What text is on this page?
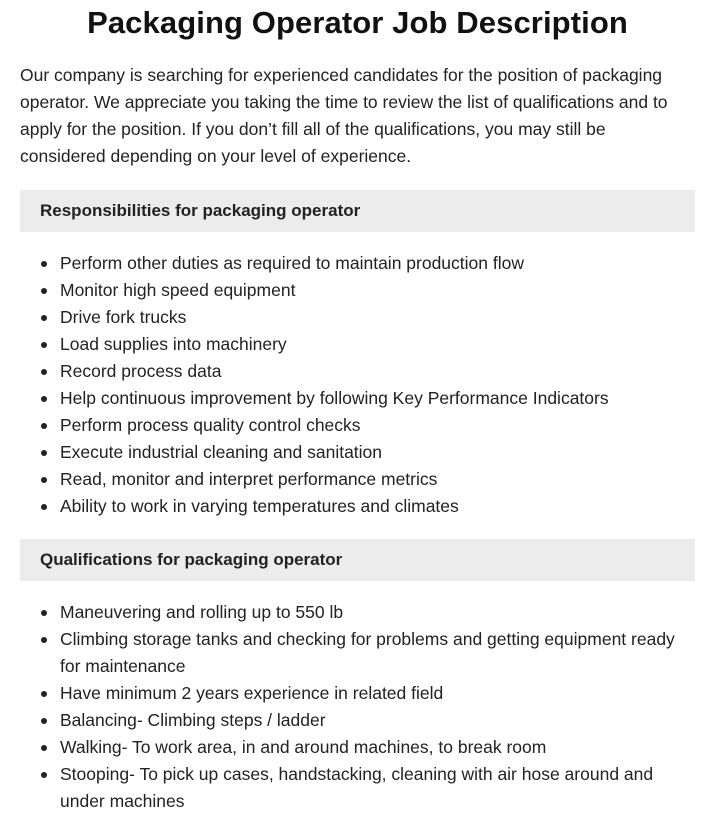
Packaging Operator Job Description

Our company is searching for experienced candidates for the position of packaging operator. We appreciate you taking the time to review the list of qualifications and to apply for the position. If you don’t fill all of the qualifications, you may still be considered depending on your level of experience.

Responsibilities for packaging operator
Perform other duties as required to maintain production flow
Monitor high speed equipment
Drive fork trucks
Load supplies into machinery
Record process data
Help continuous improvement by following Key Performance Indicators
Perform process quality control checks
Execute industrial cleaning and sanitation
Read, monitor and interpret performance metrics
Ability to work in varying temperatures and climates
Qualifications for packaging operator
Maneuvering and rolling up to 550 lb
Climbing storage tanks and checking for problems and getting equipment ready for maintenance
Have minimum 2 years experience in related field
Balancing- Climbing steps / ladder
Walking- To work area, in and around machines, to break room
Stooping- To pick up cases, handstacking, cleaning with air hose around and under machines
